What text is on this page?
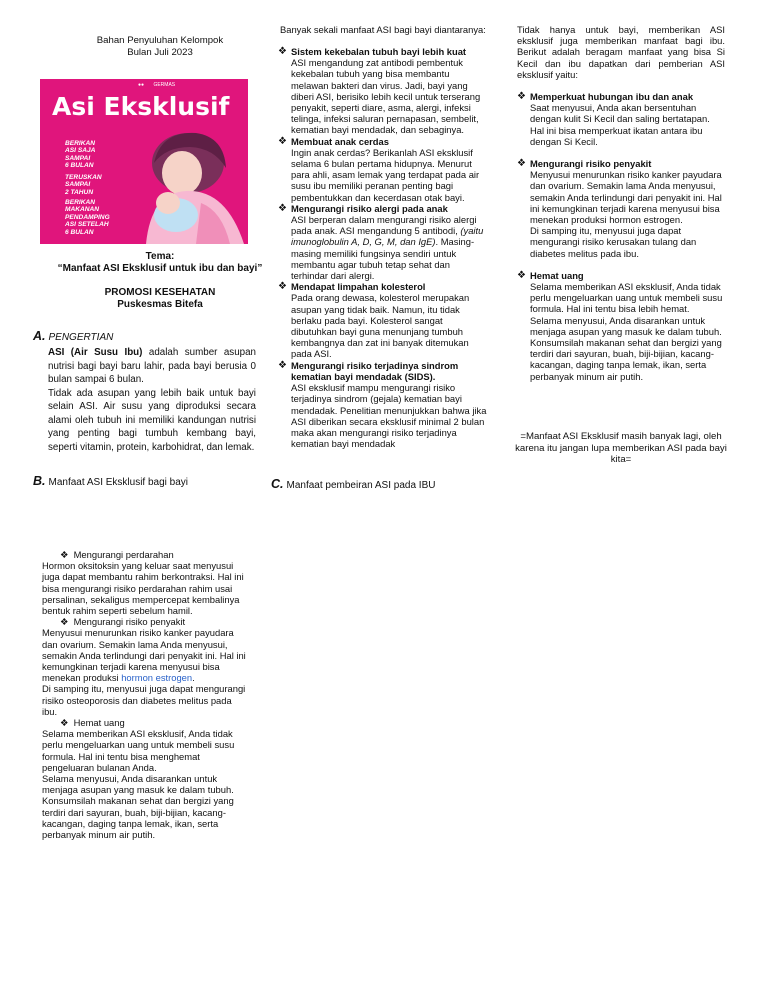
Bahan Penyuluhan Kelompok

Bulan Juli 2023

●● GERMAS
Asi Eksklusif
BERIKAN
ASI SAJA
SAMPAI
6 BULAN
TERUSKAN
SAMPAI
2 TAHUN
BERIKAN
MAKANAN
PENDAMPING
ASI SETELAH
6 BULAN

Tema:

“Manfaat ASI Eksklusif untuk ibu dan bayi”

PROMOSI KESEHATAN

Puskesmas Bitefa

A. PENGERTIAN

ASI (Air Susu Ibu) adalah sumber asupan nutrisi bagi bayi baru lahir, pada bayi berusia 0 bulan sampai 6 bulan.

Tidak ada asupan yang lebih baik untuk bayi selain ASI. Air susu yang diproduksi secara alami oleh tubuh ini memiliki kandungan nutrisi yang penting bagi tumbuh kembang bayi, seperti vitamin, protein, karbohidrat, dan lemak.

B. Manfaat ASI Eksklusif bagi bayi

❖ Mengurangi perdarahan

Hormon oksitoksin yang keluar saat menyusui juga dapat membantu rahim berkontraksi. Hal ini bisa mengurangi risiko perdarahan rahim usai persalinan, sekaligus mempercepat kembalinya bentuk rahim seperti sebelum hamil.

❖ Mengurangi risiko penyakit

Menyusui menurunkan risiko kanker payudara dan ovarium. Semakin lama Anda menyusui, semakin Anda terlindungi dari penyakit ini. Hal ini kemungkinan terjadi karena menyusui bisa menekan produksi hormon estrogen.

Di samping itu, menyusui juga dapat mengurangi risiko osteoporosis dan diabetes melitus pada ibu.

❖ Hemat uang

Selama memberikan ASI eksklusif, Anda tidak perlu mengeluarkan uang untuk membeli susu formula. Hal ini tentu bisa menghemat pengeluaran bulanan Anda.

Selama menyusui, Anda disarankan untuk menjaga asupan yang masuk ke dalam tubuh. Konsumsilah makanan sehat dan bergizi yang terdiri dari sayuran, buah, biji-bijian, kacang-kacangan, daging tanpa lemak, ikan, serta perbanyak minum air putih.

Banyak sekali manfaat ASI bagi bayi diantaranya:
❖ Sistem kekebalan tubuh bayi lebih kuat

ASI mengandung zat antibodi pembentuk kekebalan tubuh yang bisa membantu melawan bakteri dan virus. Jadi, bayi yang diberi ASI, berisiko lebih kecil untuk terserang penyakit, seperti diare, asma, alergi, infeksi telinga, infeksi saluran pernapasan, sembelit, kematian bayi mendadak, dan sebaginya.

❖ Membuat anak cerdas

Ingin anak cerdas? Berikanlah ASI eksklusif selama 6 bulan pertama hidupnya. Menurut para ahli, asam lemak yang terdapat pada air susu ibu memiliki peranan penting bagi pembentukkan dan kecerdasan otak bayi.

❖ Mengurangi risiko alergi pada anak

ASI berperan dalam mengurangi risiko alergi pada anak. ASI mengandung 5 antibodi, (yaitu imunoglobulin A, D, G, M, dan IgE). Masing-masing memiliki fungsinya sendiri untuk membantu agar tubuh tetap sehat dan terhindar dari alergi.

❖ Mendapat limpahan kolesterol

Pada orang dewasa, kolesterol merupakan asupan yang tidak baik. Namun, itu tidak berlaku pada bayi. Kolesterol sangat dibutuhkan bayi guna menunjang tumbuh kembangnya dan zat ini banyak ditemukan pada ASI.

❖ Mengurangi risiko terjadinya sindrom kematian bayi mendadak (SIDS).

ASI eksklusif mampu mengurangi risiko terjadinya sindrom (gejala) kematian bayi mendadak. Penelitian menunjukkan bahwa jika ASI diberikan secara eksklusif minimal 2 bulan maka akan mengurangi risiko terjadinya kematian bayi mendadak

C. Manfaat pembeiran ASI pada IBU
Tidak hanya untuk bayi, memberikan ASI eksklusif juga memberikan manfaat bagi ibu. Berikut adalah beragam manfaat yang bisa Si Kecil dan ibu dapatkan dari pemberian ASI eksklusif yaitu:
❖ Memperkuat hubungan ibu dan anak

Saat menyusui, Anda akan bersentuhan dengan kulit Si Kecil dan saling bertatapan. Hal ini bisa memperkuat ikatan antara ibu dengan Si Kecil.

❖ Mengurangi risiko penyakit

Menyusui menurunkan risiko kanker payudara dan ovarium. Semakin lama Anda menyusui, semakin Anda terlindungi dari penyakit ini. Hal ini kemungkinan terjadi karena menyusui bisa menekan produksi hormon estrogen.

Di samping itu, menyusui juga dapat mengurangi risiko kerusakan tulang dan diabetes melitus pada ibu.

❖ Hemat uang

Selama memberikan ASI eksklusif, Anda tidak perlu mengeluarkan uang untuk membeli susu formula. Hal ini tentu bisa lebih hemat.

Selama menyusui, Anda disarankan untuk menjaga asupan yang masuk ke dalam tubuh. Konsumsilah makanan sehat dan bergizi yang terdiri dari sayuran, buah, biji-bijian, kacang-kacangan, daging tanpa lemak, ikan, serta perbanyak minum air putih.

=Manfaat ASI Eksklusif masih banyak lagi, oleh karena itu jangan lupa memberikan ASI pada bayi kita=
